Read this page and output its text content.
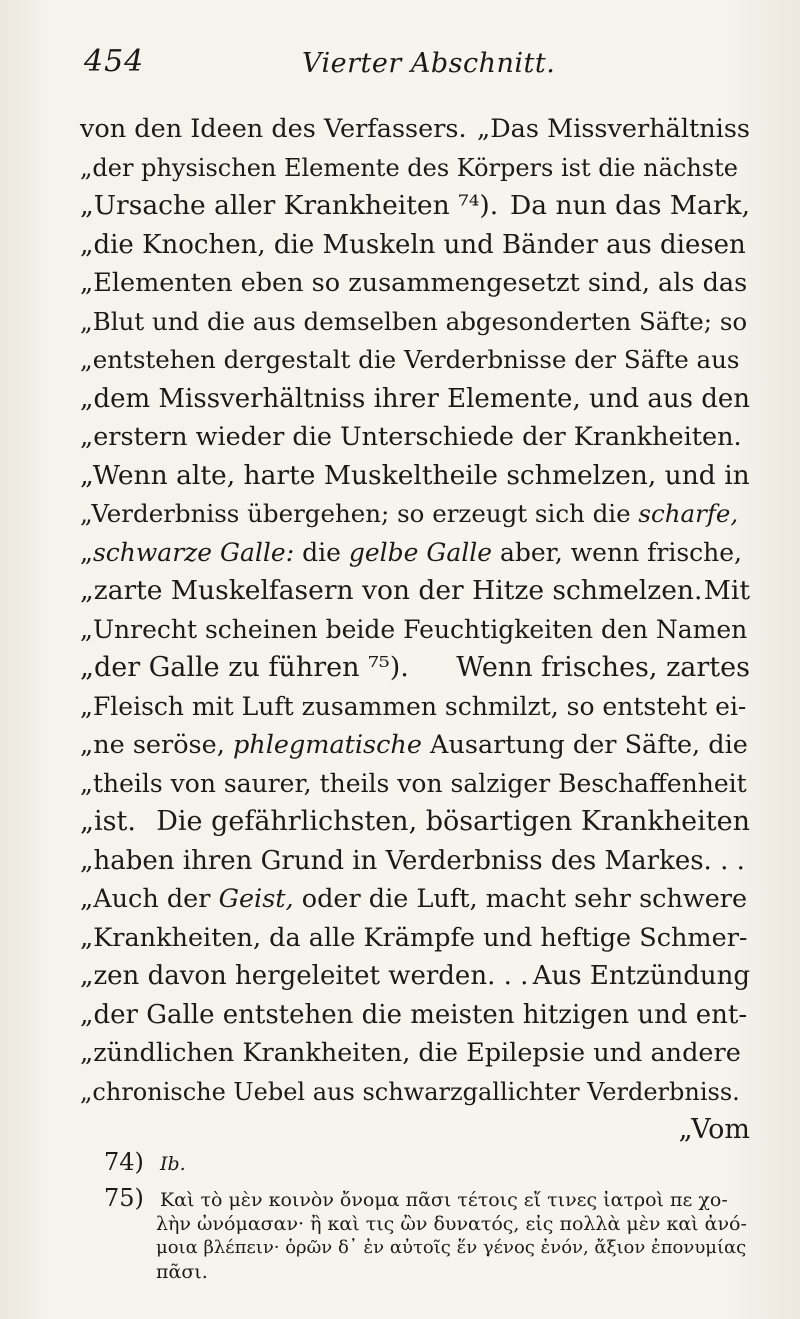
454	Vierter Abschnitt.
von den Ideen des Verfassers. „Das Missverhältniss
„der physischen Elemente des Körpers ist die nächste
„Ursache aller Krankheiten ⁷⁴). Da nun das Mark,
„die Knochen, die Muskeln und Bänder aus diesen
„Elementen eben so zusammengesetzt sind, als das
„Blut und die aus demselben abgesonderten Säfte; so
„entstehen dergestalt die Verderbnisse der Säfte aus
„dem Missverhältniss ihrer Elemente, und aus den
„erstern wieder die Unterschiede der Krankheiten.
„Wenn alte, harte Muskeltheile schmelzen, und in
„Verderbniss übergehen; so erzeugt sich die scharfe,
„ schwarze Galle: die gelbe Galle aber, wenn frische,
„zarte Muskelfasern von der Hitze schmelzen. Mit
„Unrecht scheinen beide Feuchtigkeiten den Namen
„der Galle zu führen ⁷⁵). Wenn frisches, zartes
„Fleisch mit Luft zusammen schmilzt, so entsteht ei-
„ne seröse, phlegmatische Ausartung der Säfte, die
„theils von saurer, theils von salziger Beschaffenheit
„ist. Die gefährlichsten, bösartigen Krankheiten
„haben ihren Grund in Verderbniss des Markes. . .
„Auch der Geist, oder die Luft, macht sehr schwere
„Krankheiten, da alle Krämpfe und heftige Schmer-
„zen davon hergeleitet werden. . . Aus Entzündung
„der Galle entstehen die meisten hitzigen und ent-
„zündlichen Krankheiten, die Epilepsie und andere
„chronische Uebel aus schwarzgallichter Verderbniss.
„Vom
74) Ib.
75) Καὶ τὸ μὲν κοινὸν ὄνομα πᾶσι τέτοις εἴ τινες ἰατροὶ πε χο-
λὴν ὠνόμασαν· ἢ καὶ τις ὢν δυνατός, εἰς πολλὰ μὲν καὶ ἀνό-
μοια βλέπειν· ὁρῶν δ᾽ ἐν αὐτοῖς ἕν γένος ἐνόν, ἄξιον ἐπονυμίας
πᾶσι.
